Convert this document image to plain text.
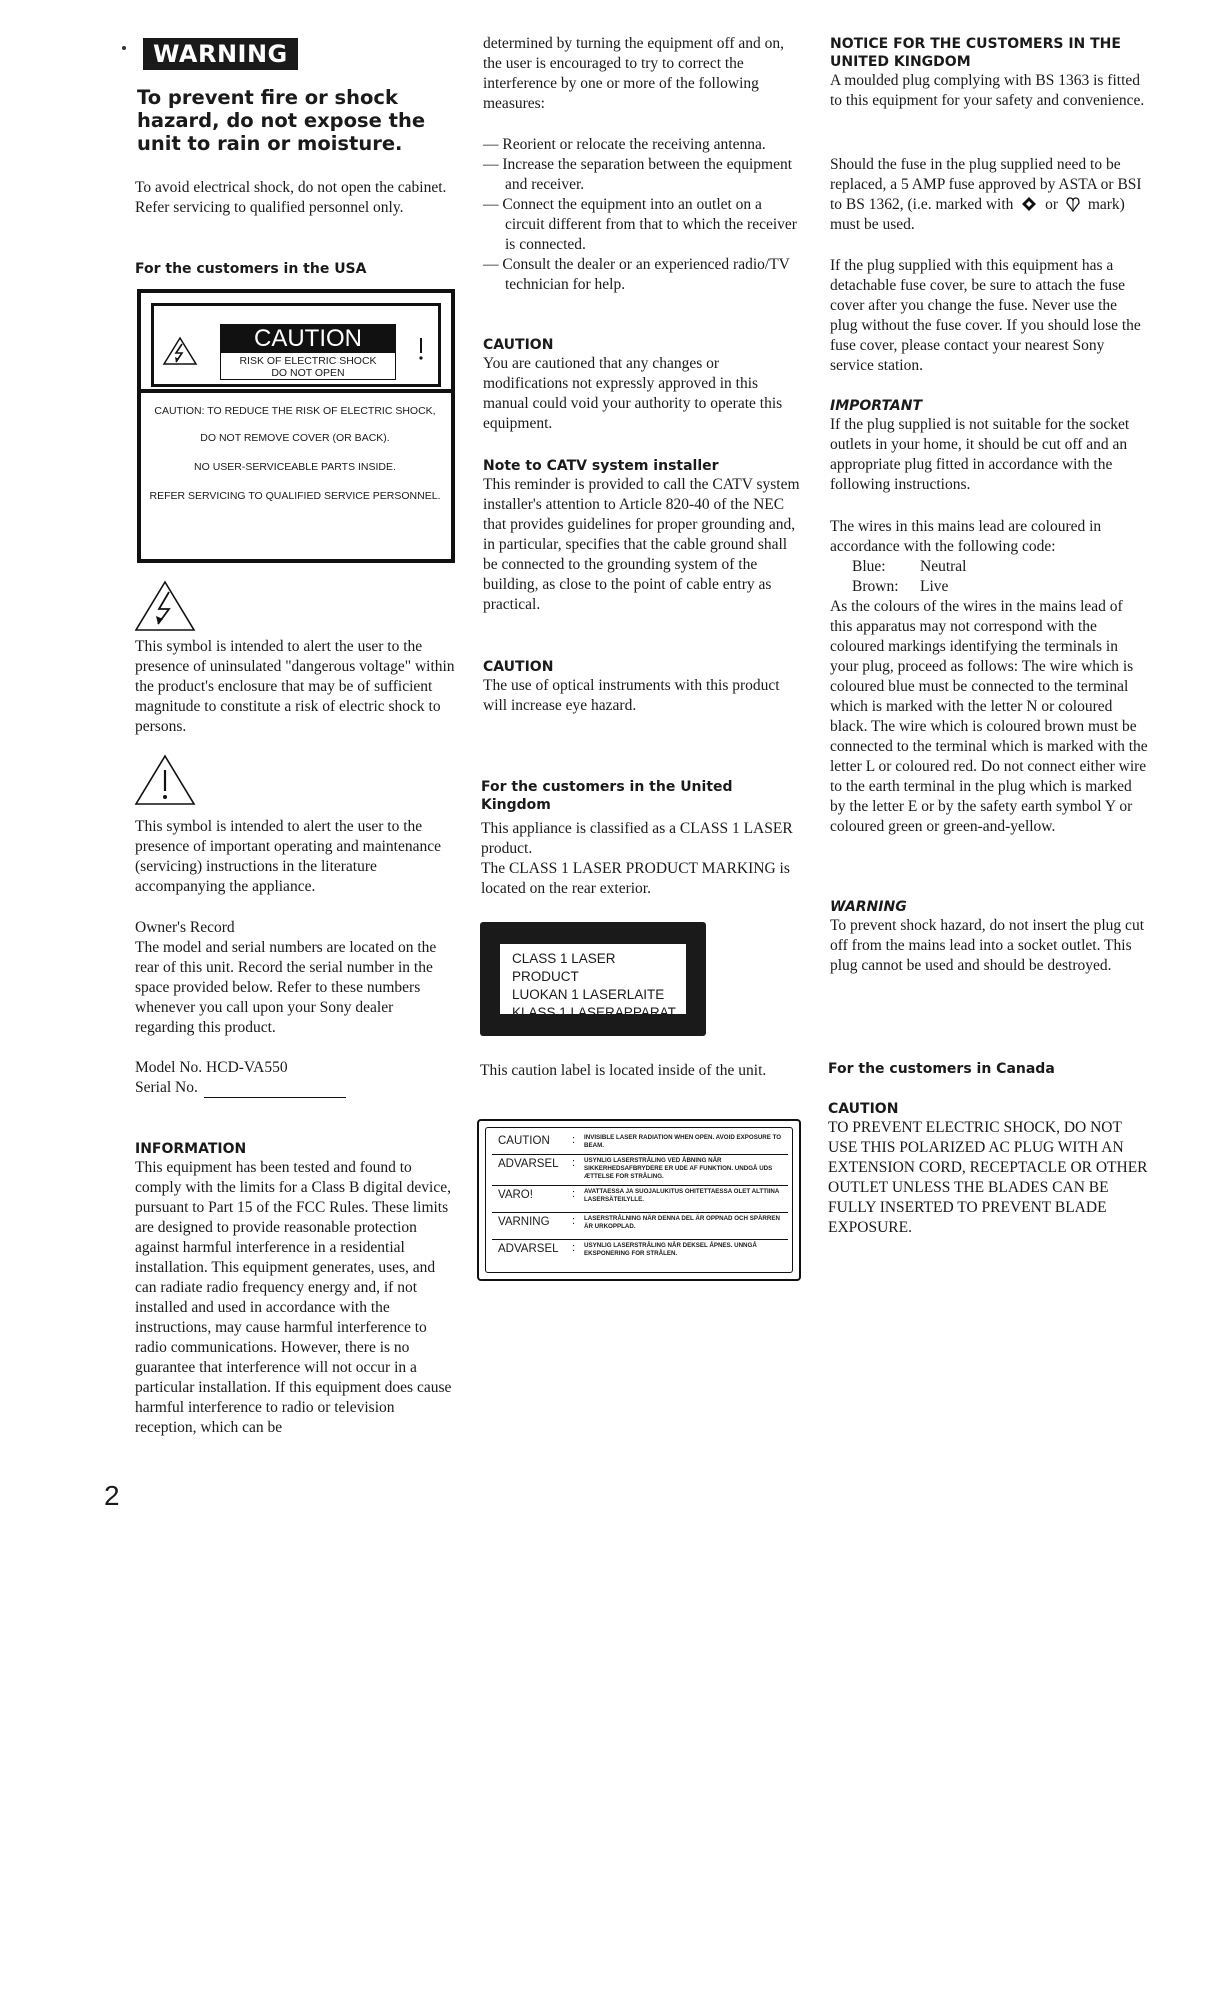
WARNING

To prevent fire or shock hazard, do not expose the unit to rain or moisture.

To avoid electrical shock, do not open the cabinet. Refer servicing to qualified personnel only.

For the customers in the USA

CAUTION
RISK OF ELECTRIC SHOCK
DO NOT OPEN
CAUTION: TO REDUCE THE RISK OF ELECTRIC SHOCK,
DO NOT REMOVE COVER (OR BACK).
NO USER-SERVICEABLE PARTS INSIDE.
REFER SERVICING TO QUALIFIED SERVICE PERSONNEL.

This symbol is intended to alert the user to the presence of uninsulated "dangerous voltage" within the product's enclosure that may be of sufficient magnitude to constitute a risk of electric shock to persons.

This symbol is intended to alert the user to the presence of important operating and maintenance (servicing) instructions in the literature accompanying the appliance.

Owner's Record

The model and serial numbers are located on the rear of this unit. Record the serial number in the space provided below. Refer to these numbers whenever you call upon your Sony dealer regarding this product.

Model No. HCD-VA550

Serial No.

INFORMATION

This equipment has been tested and found to comply with the limits for a Class B digital device, pursuant to Part 15 of the FCC Rules. These limits are designed to provide reasonable protection against harmful interference in a residential installation. This equipment generates, uses, and can radiate radio frequency energy and, if not installed and used in accordance with the instructions, may cause harmful interference to radio communications. However, there is no guarantee that interference will not occur in a particular installation. If this equipment does cause harmful interference to radio or television reception, which can be

2

determined by turning the equipment off and on, the user is encouraged to try to correct the interference by one or more of the following measures:

— Reorient or relocate the receiving antenna.

— Increase the separation between the equipment and receiver.

— Connect the equipment into an outlet on a circuit different from that to which the receiver is connected.

— Consult the dealer or an experienced radio/TV technician for help.

CAUTION

You are cautioned that any changes or modifications not expressly approved in this manual could void your authority to operate this equipment.

Note to CATV system installer

This reminder is provided to call the CATV system installer's attention to Article 820-40 of the NEC that provides guidelines for proper grounding and, in particular, specifies that the cable ground shall be connected to the grounding system of the building, as close to the point of cable entry as practical.

CAUTION

The use of optical instruments with this product will increase eye hazard.

For the customers in the United Kingdom

This appliance is classified as a CLASS 1 LASER product.

The CLASS 1 LASER PRODUCT MARKING is located on the rear exterior.

CLASS 1 LASER PRODUCT
LUOKAN 1 LASERLAITE
KLASS 1 LASERAPPARAT

This caution label is located inside of the unit.

CAUTION : INVISIBLE LASER RADIATION WHEN OPEN. AVOID EXPOSURE TO BEAM.
ADVARSEL : USYNLIG LASERSTRÅLING VED ÅBNING NÅR SIKKERHEDSAFBRYDERE ER UDE AF FUNKTION. UNDGÅ UDS ÆTTELSE FOR STRÅLING.
VARO!	: AVATTAESSA JA SUOJALUKITUS OHITETTAESSA OLET ALTTIINA LASERSÄTEILYLLE.
VARNING : LASERSTRÅLNING NÄR DENNA DEL ÄR OPPNAD OCH SPÄRREN ÄR URKOPPLAD.
ADVARSEL : USYNLIG LASERSTRÅLING NÅR DEKSEL ÅPNES. UNNGÅ EKSPONERING FOR STRÅLEN.

NOTICE FOR THE CUSTOMERS IN THE UNITED KINGDOM

A moulded plug complying with BS 1363 is fitted to this equipment for your safety and convenience.

Should the fuse in the plug supplied need to be replaced, a 5 AMP fuse approved by ASTA or BSI to BS 1362, (i.e. marked with or mark) must be used.

If the plug supplied with this equipment has a detachable fuse cover, be sure to attach the fuse cover after you change the fuse. Never use the plug without the fuse cover. If you should lose the fuse cover, please contact your nearest Sony service station.

IMPORTANT

If the plug supplied is not suitable for the socket outlets in your home, it should be cut off and an appropriate plug fitted in accordance with the following instructions.

The wires in this mains lead are coloured in accordance with the following code:

Blue: Neutral

Brown: Live

As the colours of the wires in the mains lead of this apparatus may not correspond with the coloured markings identifying the terminals in your plug, proceed as follows: The wire which is coloured blue must be connected to the terminal which is marked with the letter N or coloured black. The wire which is coloured brown must be connected to the terminal which is marked with the letter L or coloured red. Do not connect either wire to the earth terminal in the plug which is marked by the letter E or by the safety earth symbol Y or coloured green or green-and-yellow.

WARNING

To prevent shock hazard, do not insert the plug cut off from the mains lead into a socket outlet. This plug cannot be used and should be destroyed.

For the customers in Canada

CAUTION

TO PREVENT ELECTRIC SHOCK, DO NOT USE THIS POLARIZED AC PLUG WITH AN EXTENSION CORD, RECEPTACLE OR OTHER OUTLET UNLESS THE BLADES CAN BE FULLY INSERTED TO PREVENT BLADE EXPOSURE.
